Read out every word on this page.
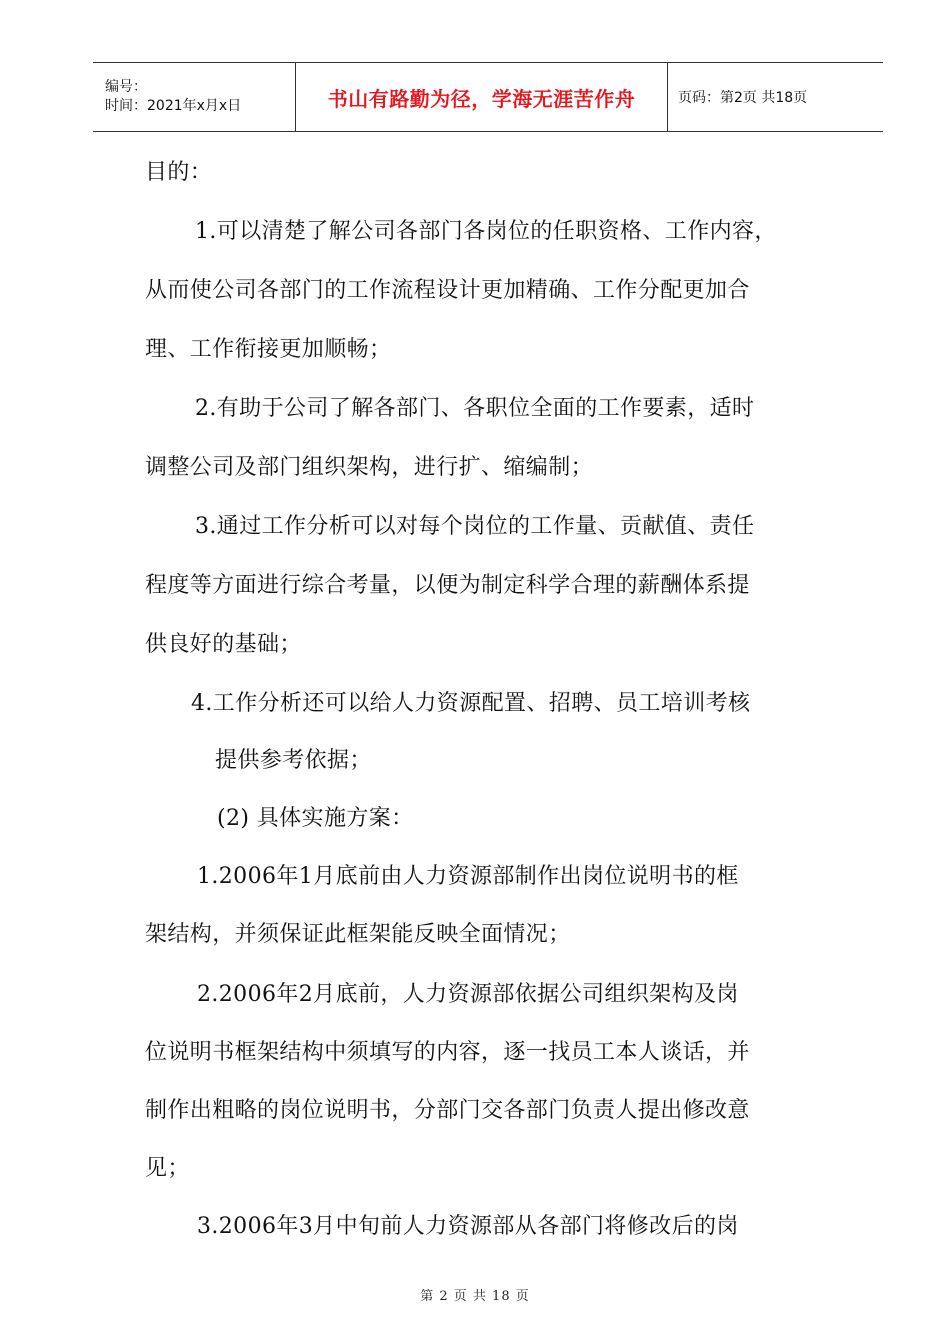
编号：
时间：2021年x月x日	书山有路勤为径，学海无涯苦作舟	页码：第2页 共18页
目的：
1.可以清楚了解公司各部门各岗位的任职资格、工作内容，
从而使公司各部门的工作流程设计更加精确、工作分配更加合
理、工作衔接更加顺畅；
2.有助于公司了解各部门、各职位全面的工作要素，适时
调整公司及部门组织架构，进行扩、缩编制；
3.通过工作分析可以对每个岗位的工作量、贡献值、责任
程度等方面进行综合考量，以便为制定科学合理的薪酬体系提
供良好的基础；
4.工作分析还可以给人力资源配置、招聘、员工培训考核
提供参考依据；
(2) 具体实施方案：
1.2006年1月底前由人力资源部制作出岗位说明书的框
架结构，并须保证此框架能反映全面情况；
2.2006年2月底前，人力资源部依据公司组织架构及岗
位说明书框架结构中须填写的内容，逐一找员工本人谈话，并
制作出粗略的岗位说明书，分部门交各部门负责人提出修改意
见；
3.2006年3月中旬前人力资源部从各部门将修改后的岗
第 2 页 共 18 页
